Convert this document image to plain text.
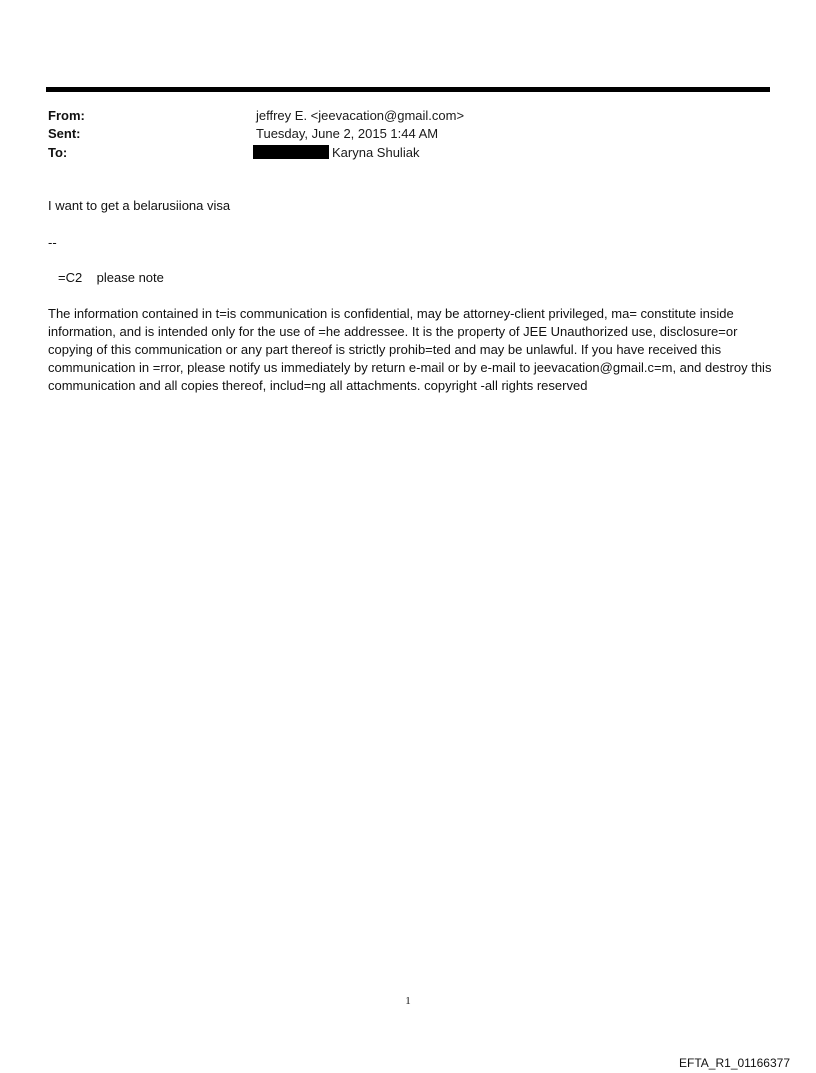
From:	jeffrey E. <jeevacation@gmail.com>
Sent:	Tuesday, June 2, 2015 1:44 AM
To:	Karyna Shuliak
I want to get a belarusiiona visa
--
=C2    please note
The information contained in t=is communication is confidential, may be attorney-client privileged, ma= constitute inside information, and is intended only for the use of =he addressee. It is the property of JEE Unauthorized use, disclosure=or copying of this communication or any part thereof is strictly prohib=ted and may be unlawful. If you have received this communication in =rror, please notify us immediately by return e-mail or by e-mail to jeevacation@gmail.c=m, and destroy this communication and all copies thereof, includ=ng all attachments. copyright -all rights reserved
1
EFTA_R1_01166377
